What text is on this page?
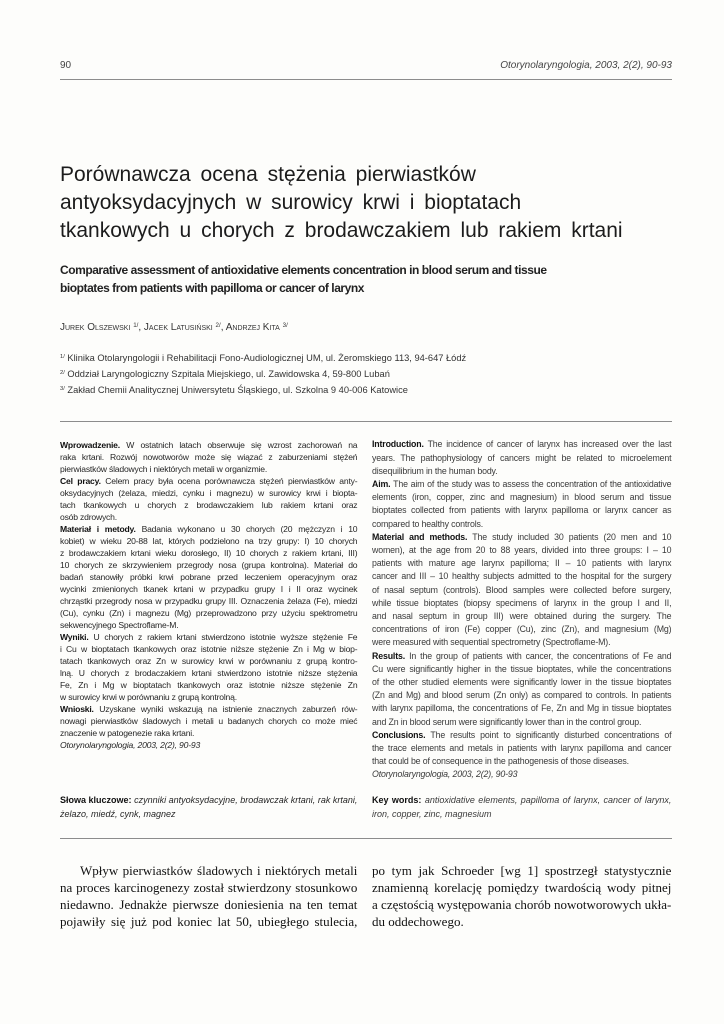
90	Otorynolaryngologia, 2003, 2(2), 90-93
Porównawcza ocena stężenia pierwiastków
antyoksydacyjnych w surowicy krwi i bioptatach
tkankowych u chorych z brodawczakiem lub rakiem krtani
Comparative assessment of antioxidative elements concentration in blood serum and tissue
bioptates from patients with papilloma or cancer of larynx
Jurek Olszewski $^{1/}$, Jacek Latusiński $^{2/}$, Andrzej Kita $^{3/}$
$^{1/}$ Klinika Otolaryngologii i Rehabilitacji Fono-Audiologicznej UM, ul. Żeromskiego 113, 94-647 Łódź
$^{2/}$ Oddział Laryngologiczny Szpitala Miejskiego, ul. Zawidowska 4, 59-800 Lubań
$^{3/}$ Zakład Chemii Analitycznej Uniwersytetu Śląskiego, ul. Szkolna 9 40-006 Katowice
Wprowadzenie. W ostatnich latach obserwuje się wzrost zachorowań na
raka krtani. Rozwój nowotworów może się wiązać z zaburzeniami stężeń
pierwiastków śladowych i niektórych metali w organizmie.
Cel pracy. Celem pracy była ocena porównawcza stężeń pierwiastków anty-
oksydacyjnych (żelaza, miedzi, cynku i magnezu) w surowicy krwi i biopta-
tach tkankowych u chorych z brodawczakiem lub rakiem krtani oraz
osób zdrowych.
Materiał i metody. Badania wykonano u 30 chorych (20 mężczyzn i 10
kobiet) w wieku 20-88 lat, których podzielono na trzy grupy: I) 10 chorych
z brodawczakiem krtani wieku dorosłego, II) 10 chorych z rakiem krtani, III)
10 chorych ze skrzywieniem przegrody nosa (grupa kontrolna). Materiał do
badań stanowiły próbki krwi pobrane przed leczeniem operacyjnym oraz
wycinki zmienionych tkanek krtani w przypadku grupy I i II oraz wycinek
chrząstki przegrody nosa w przypadku grupy III. Oznaczenia żelaza (Fe), miedzi
(Cu), cynku (Zn) i magnezu (Mg) przeprowadzono przy użyciu spektrometru
sekwencyjnego Spectroflame-M.
Wyniki. U chorych z rakiem krtani stwierdzono istotnie wyższe stężenie Fe
i Cu w bioptatach tkankowych oraz istotnie niższe stężenie Zn i Mg w biop-
tatach tkankowych oraz Zn w surowicy krwi w porównaniu z grupą kontro-
lną. U chorych z brodaczakiem krtani stwierdzono istotnie niższe stężenia
Fe, Zn i Mg w bioptatach tkankowych oraz istotnie niższe stężenie Zn
w surowicy krwi w porównaniu z grupą kontrolną.
Wnioski. Uzyskane wyniki wskazują na istnienie znacznych zaburzeń rów-
nowagi pierwiastków śladowych i metali u badanych chorych co może mieć
znaczenie w patogenezie raka krtani.
Otorynolaryngologia, 2003, 2(2), 90-93
Introduction. The incidence of cancer of larynx has increased over the last
years. The pathophysiology of cancers might be related to microelement
disequilibrium in the human body.
Aim. The aim of the study was to assess the concentration of the antioxidative
elements (iron, copper, zinc and magnesium) in blood serum and tissue
bioptates collected from patients with larynx papilloma or larynx cancer as
compared to healthy controls.
Material and methods. The study included 30 patients (20 men and 10
women), at the age from 20 to 88 years, divided into three groups: I – 10
patients with mature age larynx papilloma; II – 10 patients with larynx
cancer and III – 10 healthy subjects admitted to the hospital for the surgery
of nasal septum (controls). Blood samples were collected before surgery,
while tissue bioptates (biopsy specimens of larynx in the group I and II,
and nasal septum in group III) were obtained during the surgery. The
concentrations of iron (Fe) copper (Cu), zinc (Zn), and magnesium (Mg)
were measured with sequential spectrometry (Spectroflame-M).
Results. In the group of patients with cancer, the concentrations of Fe and
Cu were significantly higher in the tissue bioptates, while the concentrations
of the other studied elements were significantly lower in the tissue bioptates
(Zn and Mg) and blood serum (Zn only) as compared to controls. In patients
with larynx papilloma, the concentrations of Fe, Zn and Mg in tissue bioptates
and Zn in blood serum were significantly lower than in the control group.
Conclusions. The results point to significantly disturbed concentrations of
the trace elements and metals in patients with larynx papilloma and cancer
that could be of consequence in the pathogenesis of those diseases.
Otorynolaryngologia, 2003, 2(2), 90-93
Słowa kluczowe: czynniki antyoksydacyjne, brodawczak krtani, rak krtani,
żelazo, miedź, cynk, magnez
Key words: antioxidative elements, papilloma of larynx, cancer of larynx,
iron, copper, zinc, magnesium
Wpływ pierwiastków śladowych i niektórych metali
na proces karcinogenezy został stwierdzony stosunkowo
niedawno. Jednakże pierwsze doniesienia na ten temat
pojawiły się już pod koniec lat 50, ubiegłego stulecia,
po tym jak Schroeder [wg 1] spostrzegł statystycznie
znamienną korelację pomiędzy twardością wody pitnej
a częstością występowania chorób nowotworowych ukła-
du oddechowego.
